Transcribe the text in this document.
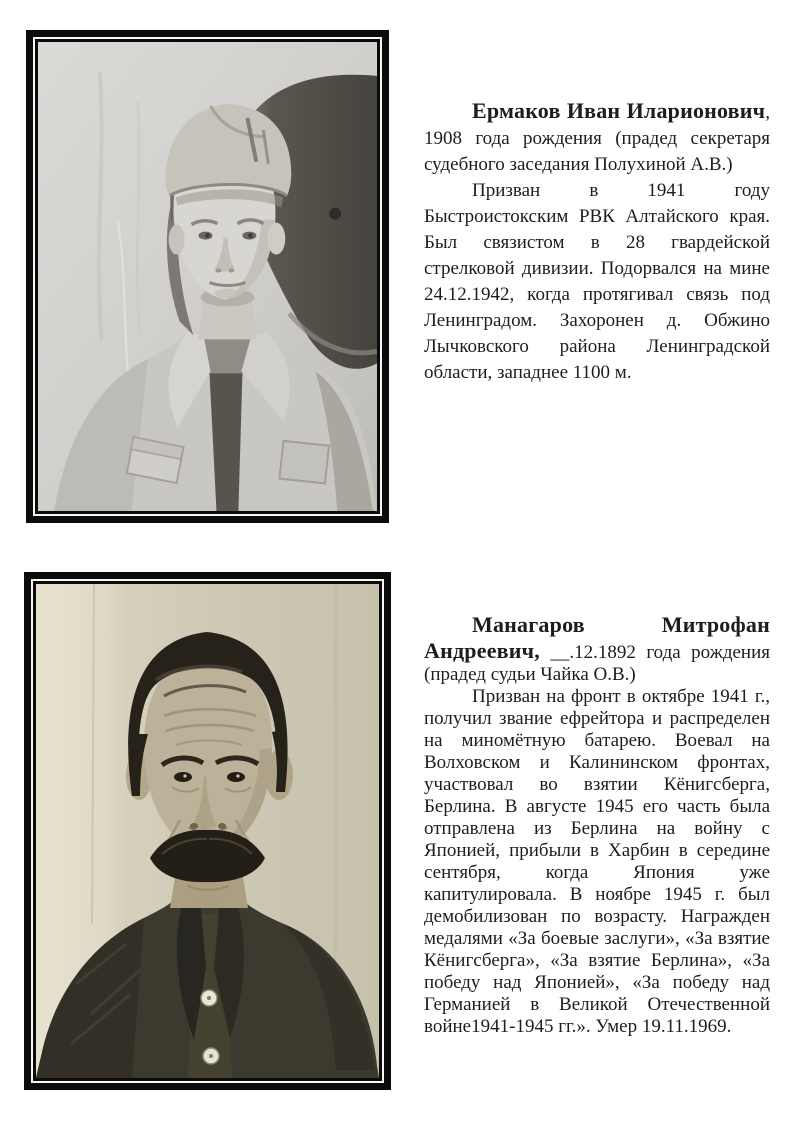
Ермаков Иван Иларионович, 1908 года рождения (прадед секретаря судебного заседания Полухиной А.В.)

Призван в 1941 году Быстроистокским РВК Алтайского края. Был связистом в 28 гвардейской стрелковой дивизии. Подорвался на мине 24.12.1942, когда протягивал связь под Ленинградом. Захоронен д. Обжино Лычковского района Ленинградской области, западнее 1100 м.

Манагаров Митрофан Андреевич, __.12.1892 года рождения (прадед судьи Чайка О.В.)

Призван на фронт в октябре 1941 г., получил звание ефрейтора и распределен на миномётную батарею. Воевал на Волховском и Калининском фронтах, участвовал во взятии Кёнигсберга, Берлина. В августе 1945 его часть была отправлена из Берлина на войну с Японией, прибыли в Харбин в середине сентября, когда Япония уже капитулировала. В ноябре 1945 г. был демобилизован по возрасту. Награжден медалями «За боевые заслуги», «За взятие Кёнигсберга», «За взятие Берлина», «За победу над Японией», «За победу над Германией в Великой Отечественной войне1941-1945 гг.». Умер 19.11.1969.
